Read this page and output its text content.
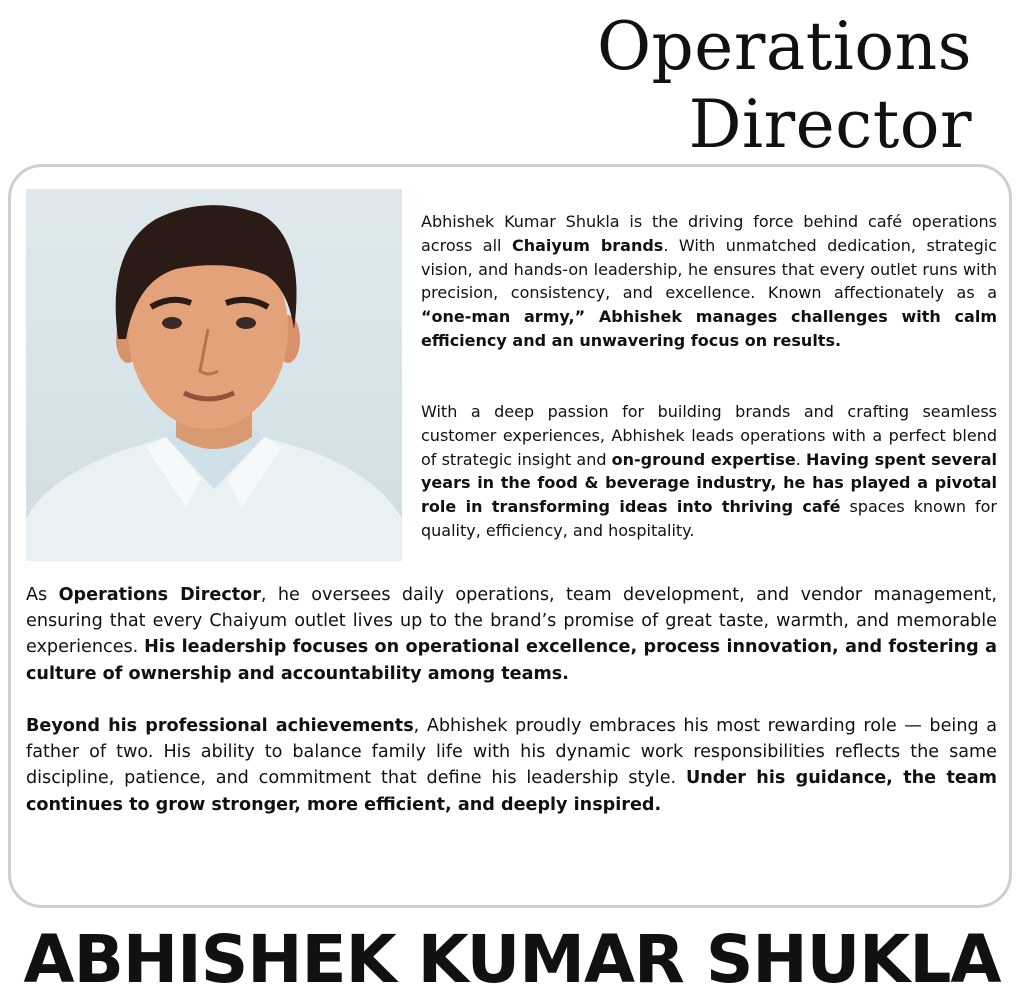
Operations
Director

Abhishek Kumar Shukla is the driving force behind café operations across all Chaiyum brands. With unmatched dedication, strategic vision, and hands-on leadership, he ensures that every outlet runs with precision, consistency, and excellence. Known affectionately as a “one-man army,” Abhishek manages challenges with calm efficiency and an unwavering focus on results.

With a deep passion for building brands and crafting seamless customer experiences, Abhishek leads operations with a perfect blend of strategic insight and on-ground expertise. Having spent several years in the food & beverage industry, he has played a pivotal role in transforming ideas into thriving café spaces known for quality, efficiency, and hospitality.

As Operations Director, he oversees daily operations, team development, and vendor management, ensuring that every Chaiyum outlet lives up to the brand’s promise of great taste, warmth, and memorable experiences. His leadership focuses on operational excellence, process innovation, and fostering a culture of ownership and accountability among teams.

Beyond his professional achievements, Abhishek proudly embraces his most rewarding role — being a father of two. His ability to balance family life with his dynamic work responsibilities reflects the same discipline, patience, and commitment that define his leadership style. Under his guidance, the team continues to grow stronger, more efficient, and deeply inspired.

ABHISHEK KUMAR SHUKLA
